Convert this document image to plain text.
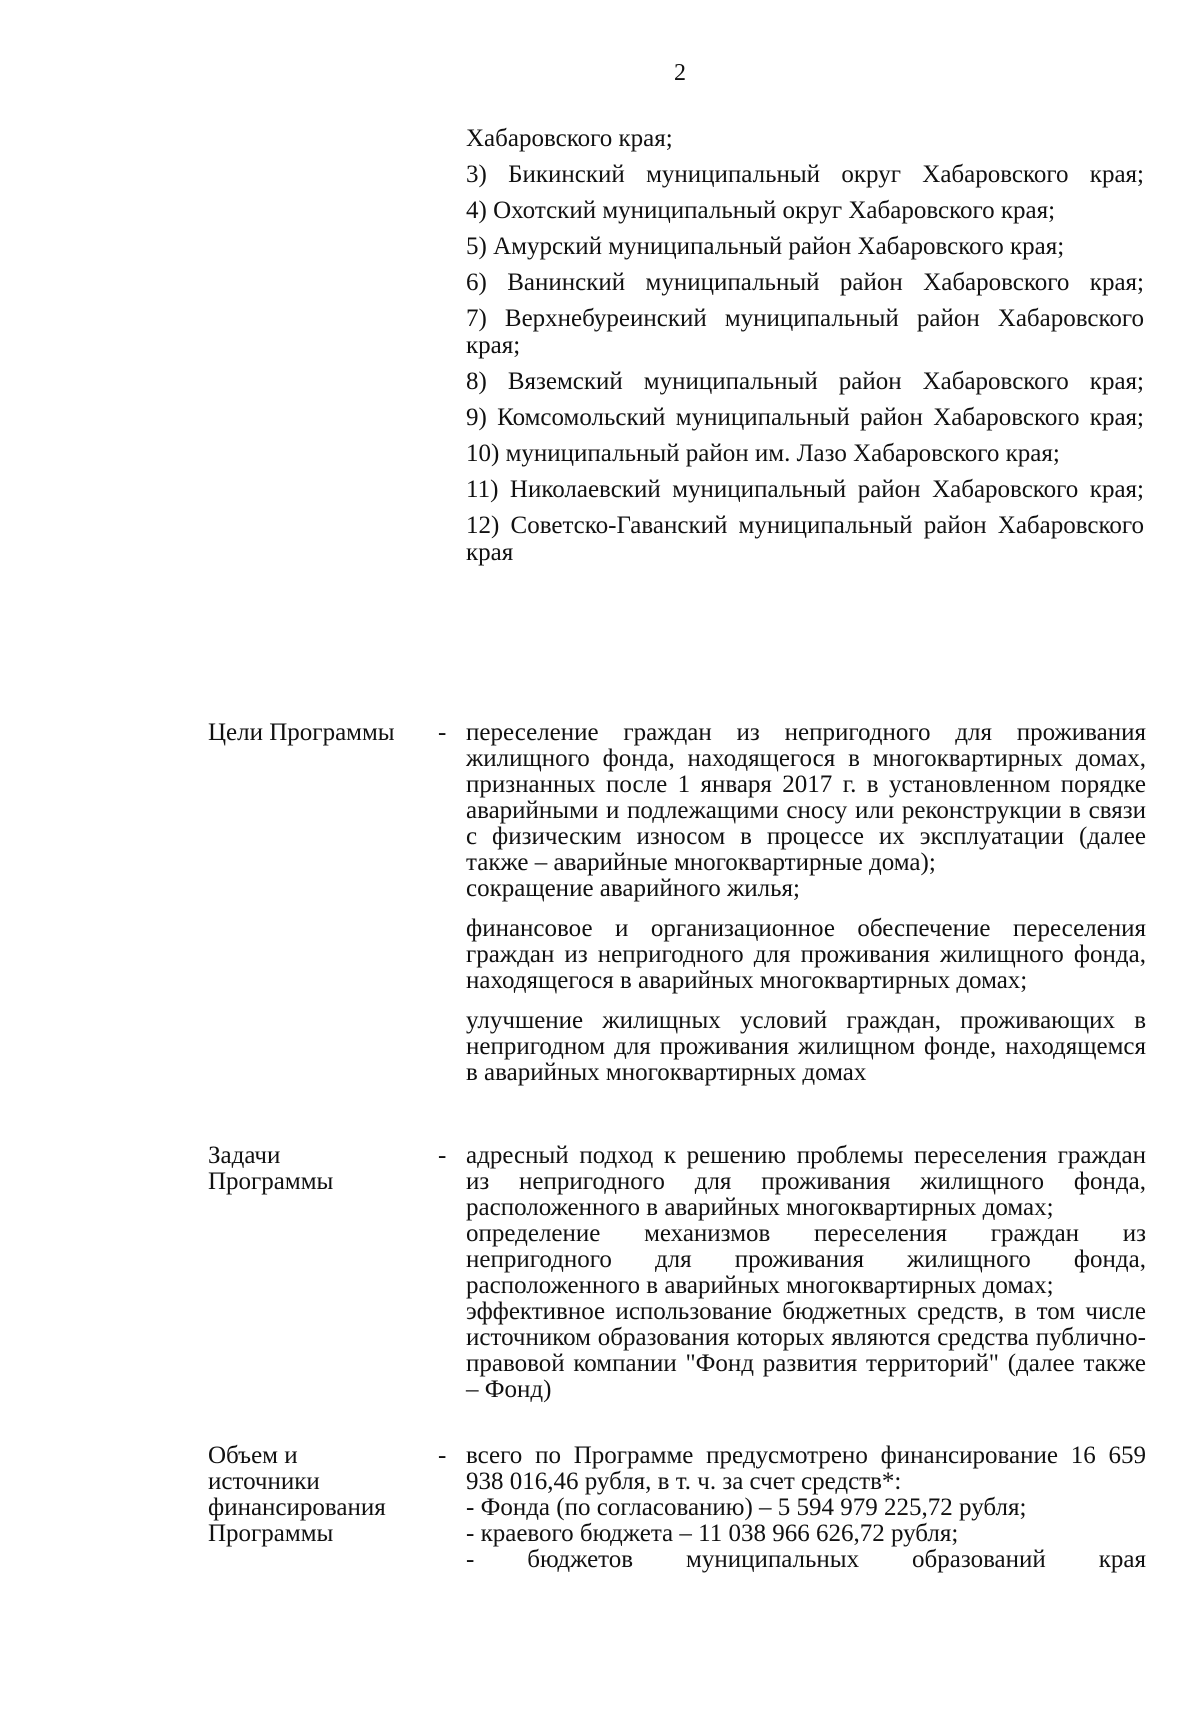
2

Хабаровского края;

3) Бикинский муниципальный округ Хабаровского края;

4) Охотский муниципальный округ Хабаровского края;

5) Амурский муниципальный район Хабаровского края;

6) Ванинский муниципальный район Хабаровского края;

7) Верхнебуреинский муниципальный район Хабаровского края;

8) Вяземский муниципальный район Хабаровского края;

9) Комсомольский муниципальный район Хабаровского края;

10) муниципальный район им. Лазо Хабаровского края;

11) Николаевский муниципальный район Хабаровского края;

12) Советско-Гаванский муниципальный район Хабаровского края

Цели Программы	- переселение граждан из непригодного для проживания жилищного фонда, находящегося в многоквартирных домах, признанных после 1 января 2017 г. в установленном порядке аварийными и подлежащими сносу или реконструкции в связи с физическим износом в процессе их эксплуатации (далее также – аварийные многоквартирные дома);

сокращение аварийного жилья;

финансовое и организационное обеспечение переселения граждан из непригодного для проживания жилищного фонда, находящегося в аварийных многоквартирных домах;

улучшение жилищных условий граждан, проживающих в непригодном для проживания жилищном фонде, находящемся в аварийных многоквартирных домах

Задачи
Программы
- адресный подход к решению проблемы переселения граждан из непригодного для проживания жилищного фонда, расположенного в аварийных многоквартирных домах;

определение механизмов переселения граждан из непригодного для проживания жилищного фонда, расположенного в аварийных многоквартирных домах;

эффективное использование бюджетных средств, в том числе источником образования которых являются средства публично-правовой компании "Фонд развития территорий" (далее также – Фонд)

Объем и
источники
финансирования
Программы
- всего по Программе предусмотрено финансирование 16 659 938 016,46 рубля, в т. ч. за счет средств*:

- Фонда (по согласованию) – 5 594 979 225,72 рубля;

- краевого бюджета – 11 038 966 626,72 рубля;

- бюджетов муниципальных образований края
